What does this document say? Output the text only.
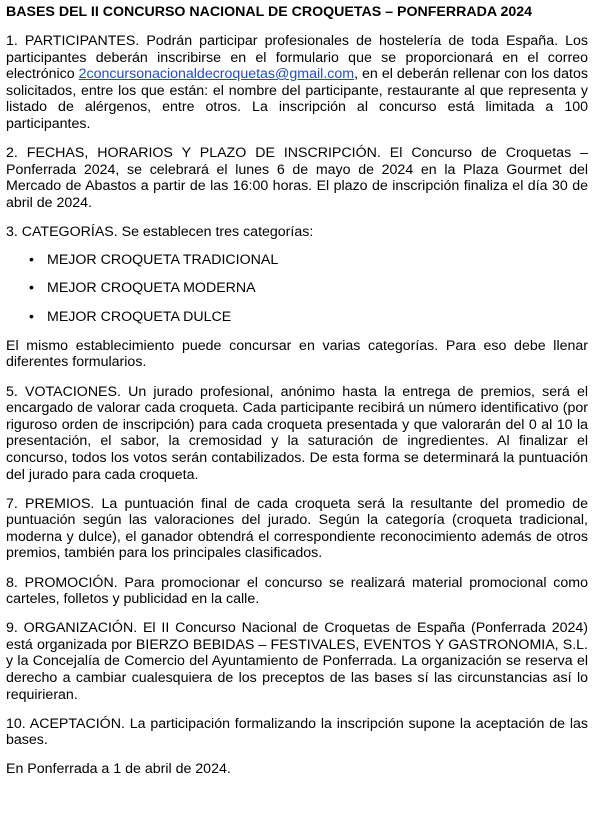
BASES DEL II CONCURSO NACIONAL DE CROQUETAS – PONFERRADA 2024

1. PARTICIPANTES. Podrán participar profesionales de hostelería de toda España. Los participantes deberán inscribirse en el formulario que se proporcionará en el correo electrónico 2concursonacionaldecroquetas@gmail.com, en el deberán rellenar con los datos solicitados, entre los que están: el nombre del participante, restaurante al que representa y listado de alérgenos, entre otros. La inscripción al concurso está limitada a 100 participantes.

2. FECHAS, HORARIOS Y PLAZO DE INSCRIPCIÓN. El Concurso de Croquetas – Ponferrada 2024, se celebrará el lunes 6 de mayo de 2024 en la Plaza Gourmet del Mercado de Abastos a partir de las 16:00 horas. El plazo de inscripción finaliza el día 30 de abril de 2024.

3. CATEGORÍAS. Se establecen tres categorías:

• MEJOR CROQUETA TRADICIONAL
• MEJOR CROQUETA MODERNA
• MEJOR CROQUETA DULCE

El mismo establecimiento puede concursar en varias categorías. Para eso debe llenar diferentes formularios.

5. VOTACIONES. Un jurado profesional, anónimo hasta la entrega de premios, será el encargado de valorar cada croqueta. Cada participante recibirá un número identificativo (por riguroso orden de inscripción) para cada croqueta presentada y que valorarán del 0 al 10 la presentación, el sabor, la cremosidad y la saturación de ingredientes. Al finalizar el concurso, todos los votos serán contabilizados. De esta forma se determinará la puntuación del jurado para cada croqueta.

7. PREMIOS. La puntuación final de cada croqueta será la resultante del promedio de puntuación según las valoraciones del jurado. Según la categoría (croqueta tradicional, moderna y dulce), el ganador obtendrá el correspondiente reconocimiento además de otros premios, también para los principales clasificados.

8. PROMOCIÓN. Para promocionar el concurso se realizará material promocional como carteles, folletos y publicidad en la calle.

9. ORGANIZACIÓN. El II Concurso Nacional de Croquetas de España (Ponferrada 2024) está organizada por BIERZO BEBIDAS – FESTIVALES, EVENTOS Y GASTRONOMIA, S.L. y la Concejalía de Comercio del Ayuntamiento de Ponferrada. La organización se reserva el derecho a cambiar cualesquiera de los preceptos de las bases sí las circunstancias así lo requirieran.

10. ACEPTACIÓN. La participación formalizando la inscripción supone la aceptación de las bases.

En Ponferrada a 1 de abril de 2024.
